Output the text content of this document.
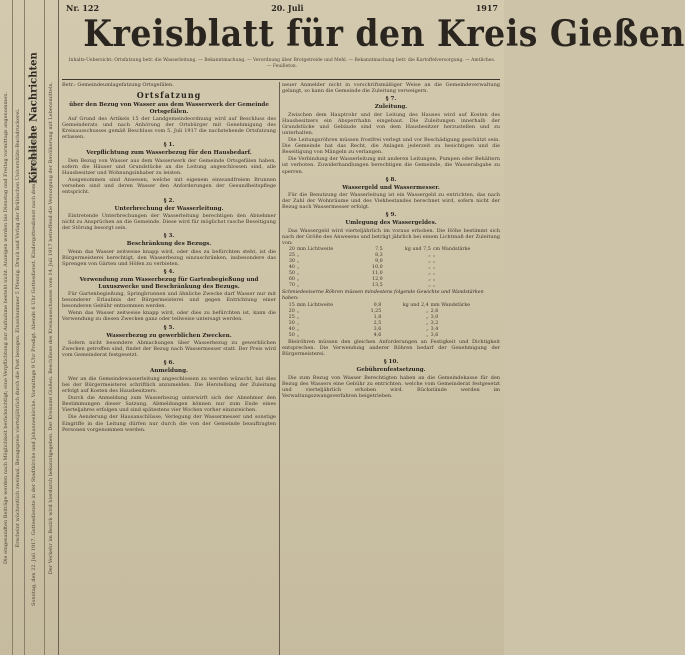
Die eingesandten Beiträge werden nach Möglichkeit berücksichtigt; eine Verpflichtung zur Aufnahme besteht nicht. Anzeigen werden bis Dienstag und Freitag vormittags angenommen. Erscheint wöchentlich zweimal. Bezugspreis vierteljährlich durch die Post bezogen. Einzelnummer 5 Pfennig. Druck und Verlag der Brühlschen Universitäts-Buchdruckerei. Kirchliche Nachrichten
Sonntag, den 22. Juli 1917. Gottesdienste in der Stadtkirche und Johanneskirche. Vormittags 9 Uhr Predigt. Abends 6 Uhr Gottesdienst. Kindergottesdienst nach dem Hauptgottesdienst. Der Verkehr im Bezirk wird hierdurch bekanntgegeben. Der Kreisamt Gießen. Beschlüsse des Kreisausschusses vom 14. Juli 1917 betreffend die Versorgung der Bevölkerung mit Lebensmitteln.
Nr. 122	20. Juli	1917
Kreisblatt für den Kreis Gießen
Inhalts-Uebersicht: Ortsfatzung betr. die Wasserleitung. — Bekanntmachung. — Verordnung über Brotgetreide und Mehl. — Bekanntmachung betr. die Kartoffelversorgung. — Amtliches. — Feuilleton.

Betr.: Gemeindeumlagefatzung Ortsgefälen.

Ortsfatzung
über den Bezug von Wasser aus dem Wasserwerk der Gemeinde Ortsgefälen.

Auf Grund des Artikels 15 der Landgemeindeordnung wird auf Beschluss des Gemeinderats und nach Anhörung der Ortsbürger mit Genehmigung des Kreisausschusses gemäß Beschluss vom 5. Juli 1917 die nachstehende Ortsfatzung erlassen.

§ 1.
Verpflichtung zum Wasserbezug für den Hausbedarf.

Den Bezug von Wasser aus dem Wasserwerk der Gemeinde Ortsgefälen haben, sofern die Häuser und Grundstücke an die Leitung angeschlossen sind, alle Hausbesitzer und Wohnungsinhaber zu leisten.

Ausgenommen sind Anwesen, welche mit eigenem einwandfreiem Brunnen versehen sind und deren Wasser den Anforderungen der Gesundheitspflege entspricht.

§ 2.
Unterbrechung der Wasserleitung.

Eintretende Unterbrechungen der Wasserleitung berechtigen den Abnehmer nicht zu Ansprüchen an die Gemeinde. Diese wird für möglichst rasche Beseitigung der Störung besorgt sein.

§ 3.
Beschränkung des Bezugs.

Wenn das Wasser zeitweise knapp wird, oder dies zu befürchten steht, ist die Bürgermeisterei berechtigt, den Wasserbezug einzuschränken, insbesondere das Sprengen von Gärten und Höfen zu verbieten.

§ 4.
Verwendung zum Wasserbezug für Gartenbegießung und Luxuszwecke und Beschränkung des Bezugs.

Für Gartenbegießung, Springbrunnen und ähnliche Zwecke darf Wasser nur mit besonderer Erlaubnis der Bürgermeisterei und gegen Entrichtung einer besonderen Gebühr entnommen werden.

Wenn das Wasser zeitweise knapp wird, oder dies zu befürchten ist, kann die Verwendung zu diesen Zwecken ganz oder teilweise untersagt werden.

§ 5.
Wasserbezug zu gewerblichen Zwecken.

Sofern nicht besondere Abmachungen über Wasserbezug zu gewerblichen Zwecken getroffen sind, findet der Bezug nach Wassermesser statt. Der Preis wird vom Gemeinderat festgesetzt.

§ 6.
Anmeldung.

Wer an die Gemeindewasserleitung angeschlossen zu werden wünscht, hat dies bei der Bürgermeisterei schriftlich anzumelden. Die Herstellung der Zuleitung erfolgt auf Kosten des Hausbesitzers.

Durch die Anmeldung zum Wasserbezug unterwirft sich der Abnehmer den Bestimmungen dieser Satzung. Abmeldungen können nur zum Ende eines Vierteljahres erfolgen und sind spätestens vier Wochen vorher einzureichen.

Die Aenderung der Hausanschlüsse, Verlegung der Wassermesser und sonstige Eingriffe in die Leitung dürfen nur durch die von der Gemeinde beauftragten Personen vorgenommen werden.

neuer Anmelder nicht in vorschriftsmäßiger Weise an die Gemeindeverwaltung gelangt, so kann die Gemeinde die Zuleitung verweigern.

§ 7.
Zuleitung.

Zwischen dem Hauptrohr und der Leitung des Hauses wird auf Kosten des Hausbesitzers ein Absperrhahn eingebaut. Die Zuleitungen innerhalb der Grundstücke und Gebäude sind von dem Hausbesitzer herzustellen und zu unterhalten.

Die Leitungsröhren müssen frostfrei verlegt und vor Beschädigung geschützt sein. Die Gemeinde hat das Recht, die Anlagen jederzeit zu besichtigen und die Beseitigung von Mängeln zu verlangen.

Die Verbindung der Wasserleitung mit anderen Leitungen, Pumpen oder Behältern ist verboten. Zuwiderhandlungen berechtigen die Gemeinde, die Wasserabgabe zu sperren.

§ 8.
Wassergeld und Wassermesser.

Für die Benutzung der Wasserleitung ist ein Wassergeld zu entrichten, das nach der Zahl der Wohnräume und des Viehbestandes berechnet wird, sofern nicht der Bezug nach Wassermesser erfolgt.

§ 9.
Umlegung des Wassergeldes.

Das Wassergeld wird vierteljährlich im voraus erhoben. Die Höhe bestimmt sich nach der Größe des Anwesens und beträgt jährlich bei einem Lichtmaß der Zuleitung von:

20	mm Lichtweite	7,5	kg und 7,5	cm Wandstärke
25	„	8,3	„	„
30	„	9,0	„	„
40	„	10,0	„	„
50	„	11,0	„	„
60	„	12,0	„	„
70	„	13,5	„	„

Schmiedeeiserne Röhren müssen mindestens folgende Gewichte und Wandstärken haben:

15	mm Lichtweite	0,8	kg und 2,4	mm Wandstärke
20	„	1,25	„	2,6
25	„	1,8	„	3,0
30	„	2,5	„	3,2
40	„	3,6	„	3,4
50	„	4,6	„	3,6

Bleiröhren müssen den gleichen Anforderungen an Festigkeit und Dichtigkeit entsprechen. Die Verwendung anderer Röhren bedarf der Genehmigung der Bürgermeisterei.

§ 10.
Gebührenfestsetzung.

Die zum Bezug von Wasser Berechtigten haben an die Gemeindekasse für den Bezug des Wassers eine Gebühr zu entrichten, welche vom Gemeinderat festgesetzt und vierteljährlich erhoben wird. Rückstände werden im Verwaltungszwangsverfahren beigetrieben.
